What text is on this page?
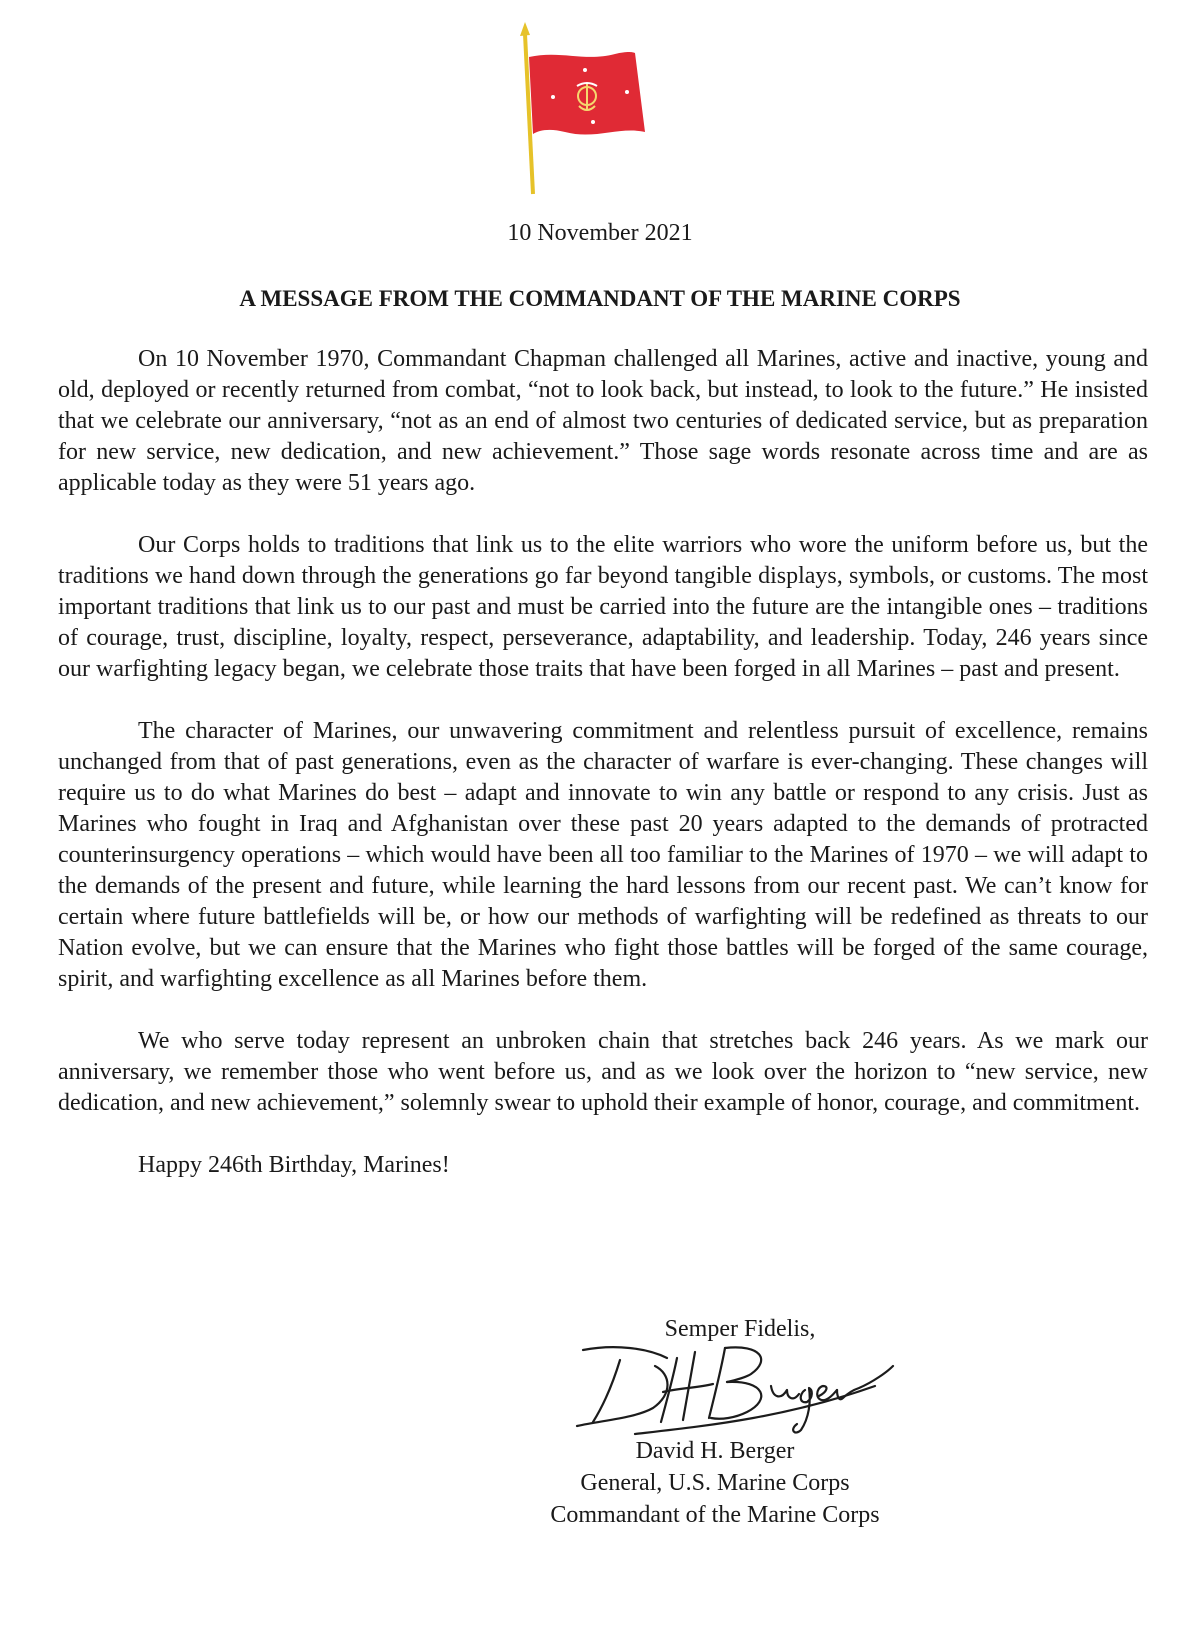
10 November 2021
A MESSAGE FROM THE COMMANDANT OF THE MARINE CORPS

On 10 November 1970, Commandant Chapman challenged all Marines, active and inactive, young and old, deployed or recently returned from combat, “not to look back, but instead, to look to the future.” He insisted that we celebrate our anniversary, “not as an end of almost two centuries of dedicated service, but as preparation for new service, new dedication, and new achievement.” Those sage words resonate across time and are as applicable today as they were 51 years ago.

Our Corps holds to traditions that link us to the elite warriors who wore the uniform before us, but the traditions we hand down through the generations go far beyond tangible displays, symbols, or customs. The most important traditions that link us to our past and must be carried into the future are the intangible ones – traditions of courage, trust, discipline, loyalty, respect, perseverance, adaptability, and leadership. Today, 246 years since our warfighting legacy began, we celebrate those traits that have been forged in all Marines – past and present.

The character of Marines, our unwavering commitment and relentless pursuit of excellence, remains unchanged from that of past generations, even as the character of warfare is ever-changing. These changes will require us to do what Marines do best – adapt and innovate to win any battle or respond to any crisis. Just as Marines who fought in Iraq and Afghanistan over these past 20 years adapted to the demands of protracted counterinsurgency operations – which would have been all too familiar to the Marines of 1970 – we will adapt to the demands of the present and future, while learning the hard lessons from our recent past. We can’t know for certain where future battlefields will be, or how our methods of warfighting will be redefined as threats to our Nation evolve, but we can ensure that the Marines who fight those battles will be forged of the same courage, spirit, and warfighting excellence as all Marines before them.

We who serve today represent an unbroken chain that stretches back 246 years. As we mark our anniversary, we remember those who went before us, and as we look over the horizon to “new service, new dedication, and new achievement,” solemnly swear to uphold their example of honor, courage, and commitment.

Happy 246th Birthday, Marines!

Semper Fidelis,
David H. Berger
General, U.S. Marine Corps
Commandant of the Marine Corps
